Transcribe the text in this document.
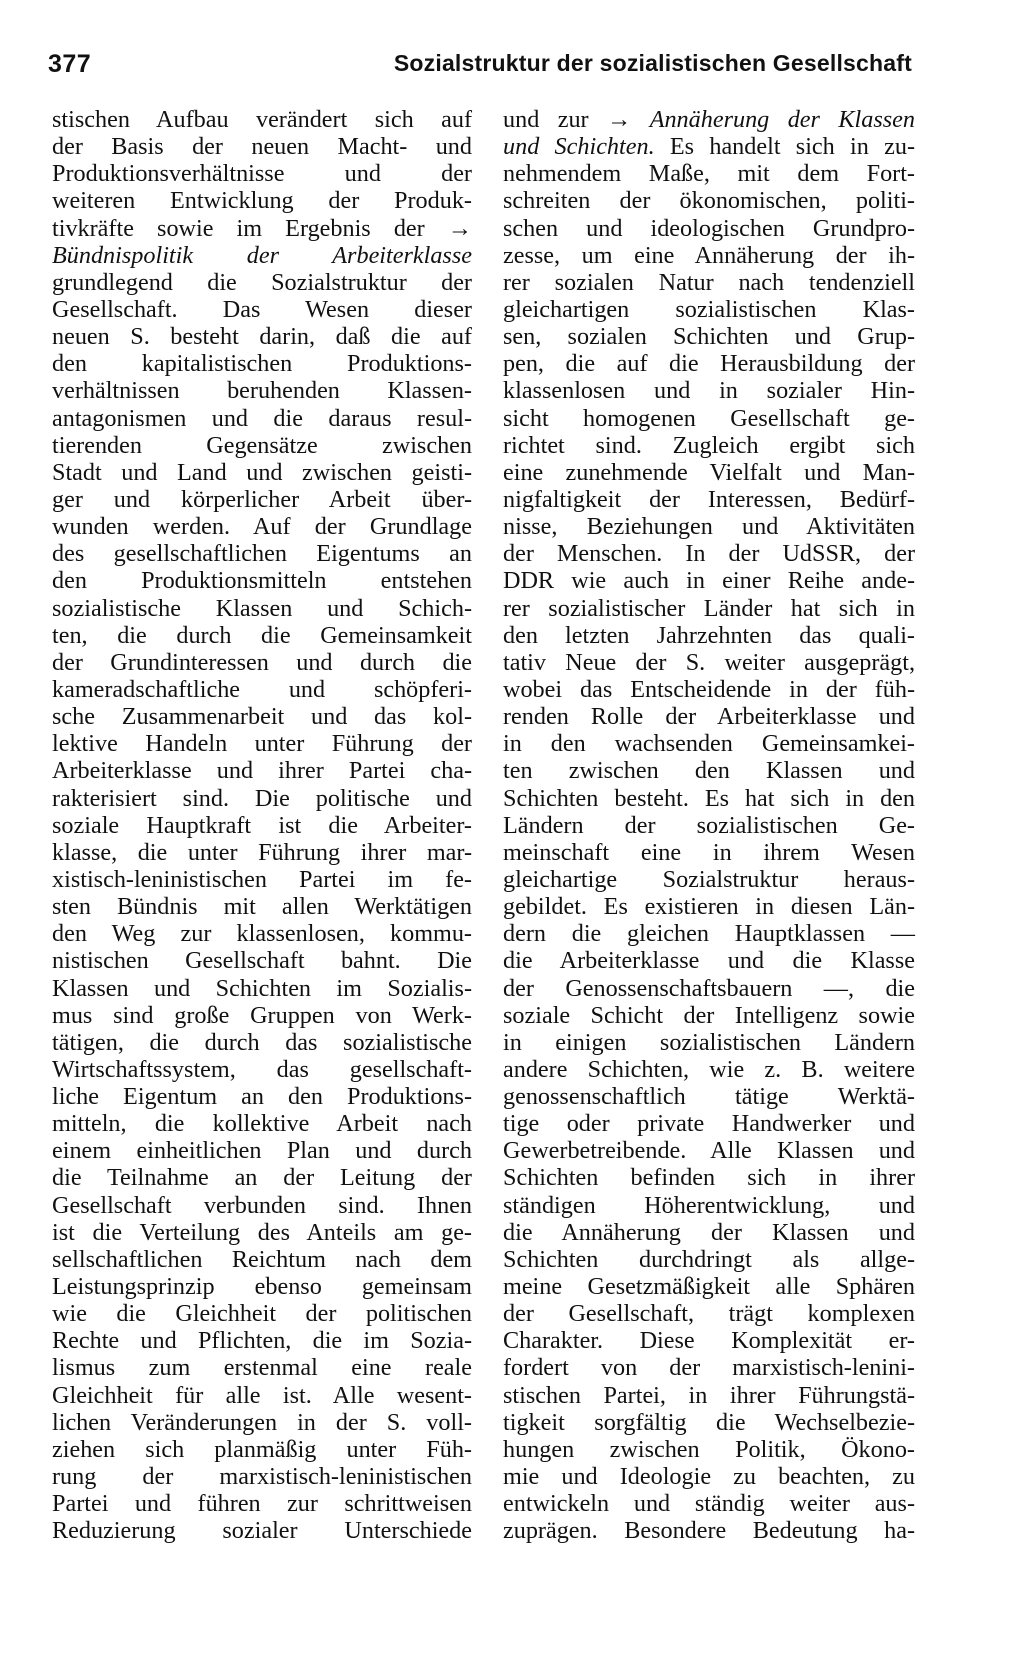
377	Sozialstruktur der sozialistischen Gesellschaft
stischen Aufbau verändert sich auf
der Basis der neuen Macht- und
Produktionsverhältnisse und der
weiteren Entwicklung der Produk-
tivkräfte sowie im Ergebnis der →
Bündnispolitik der Arbeiterklasse
grundlegend die Sozialstruktur der
Gesellschaft. Das Wesen dieser
neuen S. besteht darin, daß die auf
den kapitalistischen Produktions-
verhältnissen beruhenden Klassen-
antagonismen und die daraus resul-
tierenden Gegensätze zwischen
Stadt und Land und zwischen geisti-
ger und körperlicher Arbeit über-
wunden werden. Auf der Grundlage
des gesellschaftlichen Eigentums an
den Produktionsmitteln entstehen
sozialistische Klassen und Schich-
ten, die durch die Gemeinsamkeit
der Grundinteressen und durch die
kameradschaftliche und schöpferi-
sche Zusammenarbeit und das kol-
lektive Handeln unter Führung der
Arbeiterklasse und ihrer Partei cha-
rakterisiert sind. Die politische und
soziale Hauptkraft ist die Arbeiter-
klasse, die unter Führung ihrer mar-
xistisch-leninistischen Partei im fe-
sten Bündnis mit allen Werktätigen
den Weg zur klassenlosen, kommu-
nistischen Gesellschaft bahnt. Die
Klassen und Schichten im Sozialis-
mus sind große Gruppen von Werk-
tätigen, die durch das sozialistische
Wirtschaftssystem, das gesellschaft-
liche Eigentum an den Produktions-
mitteln, die kollektive Arbeit nach
einem einheitlichen Plan und durch
die Teilnahme an der Leitung der
Gesellschaft verbunden sind. Ihnen
ist die Verteilung des Anteils am ge-
sellschaftlichen Reichtum nach dem
Leistungsprinzip ebenso gemeinsam
wie die Gleichheit der politischen
Rechte und Pflichten, die im Sozia-
lismus zum erstenmal eine reale
Gleichheit für alle ist. Alle wesent-
lichen Veränderungen in der S. voll-
ziehen sich planmäßig unter Füh-
rung der marxistisch-leninistischen
Partei und führen zur schrittweisen
Reduzierung sozialer Unterschiede
und zur → Annäherung der Klassen
und Schichten. Es handelt sich in zu-
nehmendem Maße, mit dem Fort-
schreiten der ökonomischen, politi-
schen und ideologischen Grundpro-
zesse, um eine Annäherung der ih-
rer sozialen Natur nach tendenziell
gleichartigen sozialistischen Klas-
sen, sozialen Schichten und Grup-
pen, die auf die Herausbildung der
klassenlosen und in sozialer Hin-
sicht homogenen Gesellschaft ge-
richtet sind. Zugleich ergibt sich
eine zunehmende Vielfalt und Man-
nigfaltigkeit der Interessen, Bedürf-
nisse, Beziehungen und Aktivitäten
der Menschen. In der UdSSR, der
DDR wie auch in einer Reihe ande-
rer sozialistischer Länder hat sich in
den letzten Jahrzehnten das quali-
tativ Neue der S. weiter ausgeprägt,
wobei das Entscheidende in der füh-
renden Rolle der Arbeiterklasse und
in den wachsenden Gemeinsamkei-
ten zwischen den Klassen und
Schichten besteht. Es hat sich in den
Ländern der sozialistischen Ge-
meinschaft eine in ihrem Wesen
gleichartige Sozialstruktur heraus-
gebildet. Es existieren in diesen Län-
dern die gleichen Hauptklassen —
die Arbeiterklasse und die Klasse
der Genossenschaftsbauern —, die
soziale Schicht der Intelligenz sowie
in einigen sozialistischen Ländern
andere Schichten, wie z. B. weitere
genossenschaftlich tätige Werktä-
tige oder private Handwerker und
Gewerbetreibende. Alle Klassen und
Schichten befinden sich in ihrer
ständigen Höherentwicklung, und
die Annäherung der Klassen und
Schichten durchdringt als allge-
meine Gesetzmäßigkeit alle Sphären
der Gesellschaft, trägt komplexen
Charakter. Diese Komplexität er-
fordert von der marxistisch-lenini-
stischen Partei, in ihrer Führungstä-
tigkeit sorgfältig die Wechselbezie-
hungen zwischen Politik, Ökono-
mie und Ideologie zu beachten, zu
entwickeln und ständig weiter aus-
zuprägen. Besondere Bedeutung ha-
